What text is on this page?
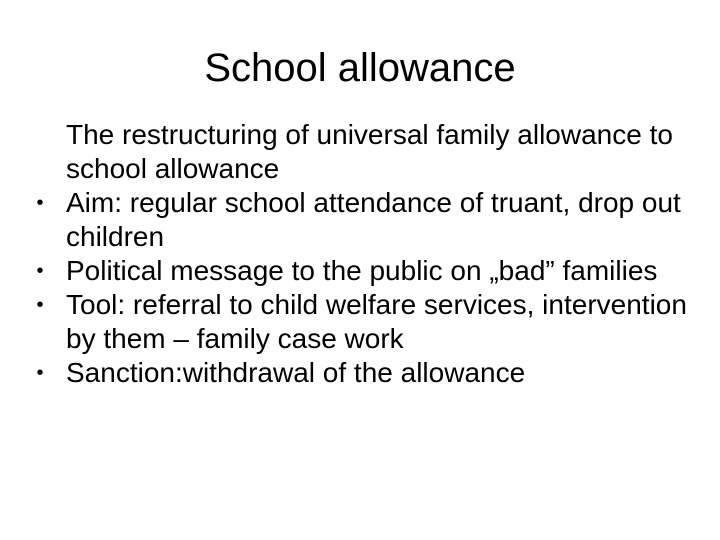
School allowance
The restructuring of universal family allowance to school allowance
• Aim: regular school attendance of truant, drop out children
• Political message to the public on „bad” families
• Tool: referral to child welfare services, intervention by them – family case work
• Sanction:withdrawal of the allowance
